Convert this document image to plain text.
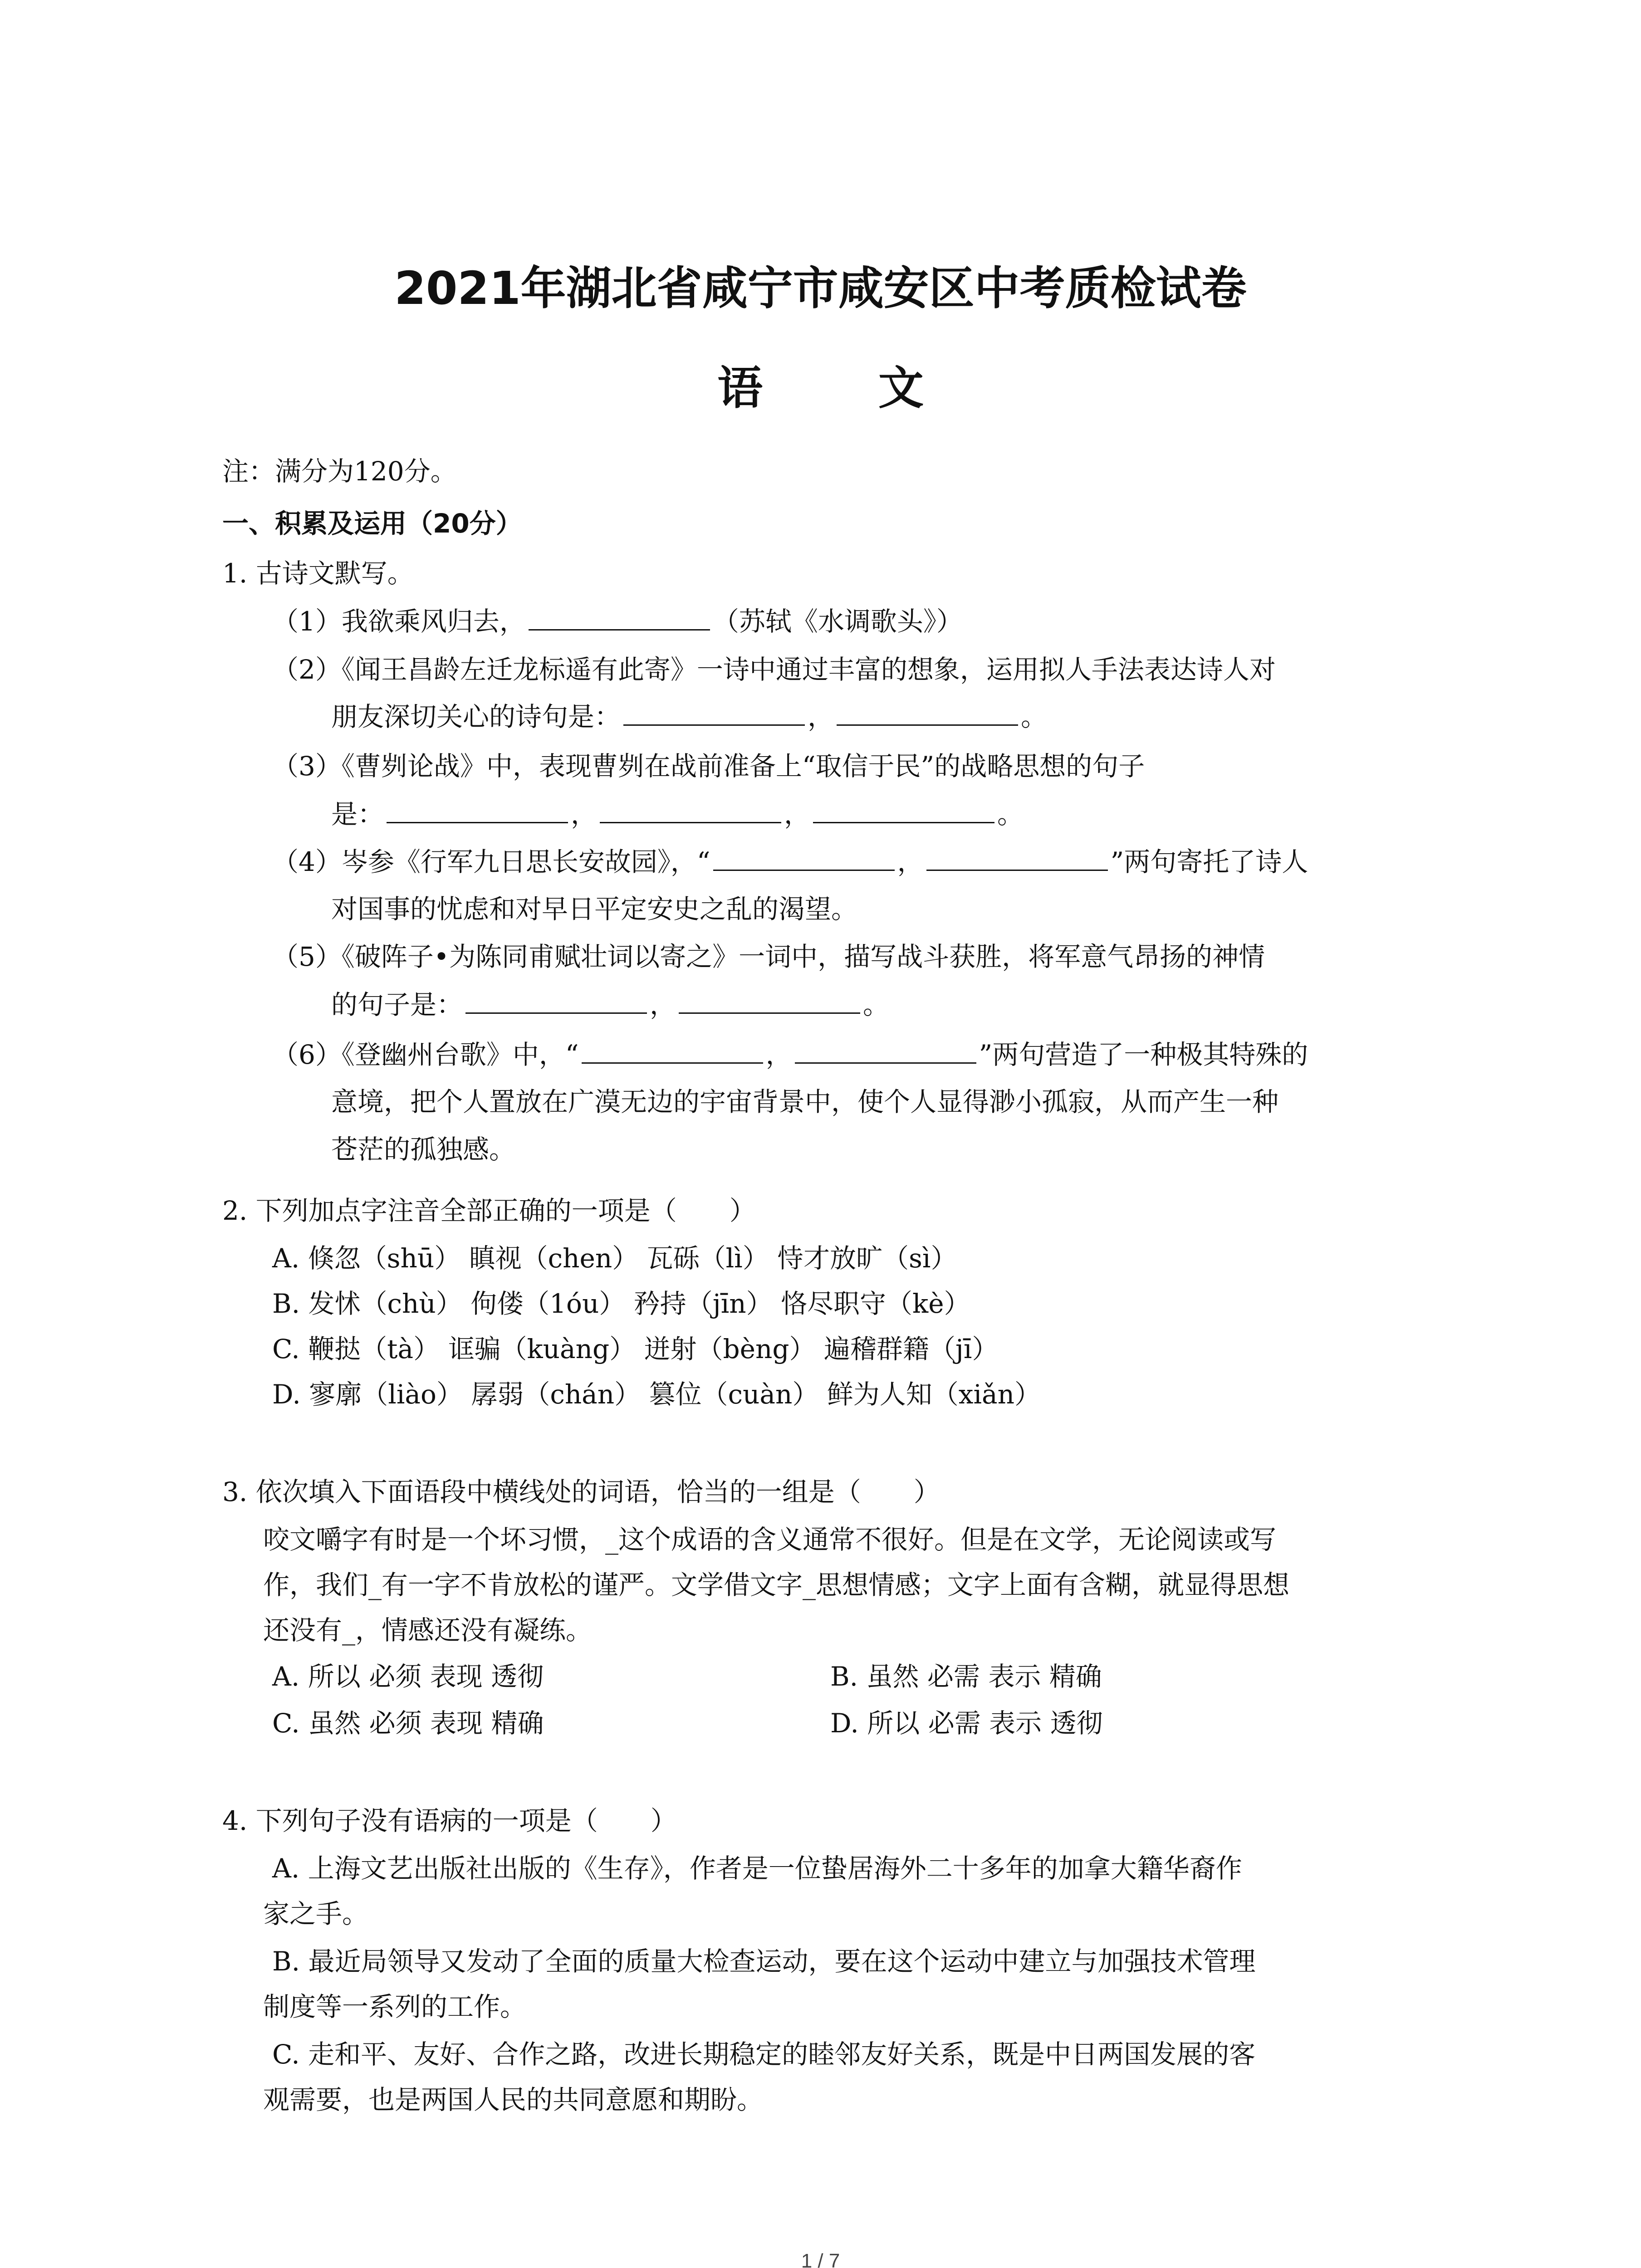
2021年湖北省咸宁市咸安区中考质检试卷
语 文
注：满分为120分。
一、积累及运用（20分）
1. 古诗文默写。
（1）我欲乘风归去，	（苏轼《水调歌头》）
（2）《闻王昌龄左迁龙标遥有此寄》一诗中通过丰富的想象，运用拟人手法表达诗人对
朋友深切关心的诗句是：	，	。
（3）《曹刿论战》中，表现曹刿在战前准备上“取信于民”的战略思想的句子
是：	，	，	。
（4）岑参《行军九日思长安故园》，“	，	”两句寄托了诗人
对国事的忧虑和对早日平定安史之乱的渴望。
（5）《破阵子•为陈同甫赋壮词以寄之》一词中，描写战斗获胜，将军意气昂扬的神情
的句子是：	，	。
（6）《登幽州台歌》中，“	，	”两句营造了一种极其特殊的
意境，把个人置放在广漠无边的宇宙背景中，使个人显得渺小孤寂，从而产生一种
苍茫的孤独感。
2. 下列加点字注音全部正确的一项是（　　）
A. 倏忽（shū） 瞋视（chen） 瓦砾（lì） 恃才放旷（sì）
B. 发怵（chù） 佝偻（1óu） 矜持（jīn） 恪尽职守（kè）
C. 鞭挞（tà） 诓骗（kuàng） 迸射（bèng） 遍稽群籍（jī）
D. 寥廓（liào） 孱弱（chán） 篡位（cuàn） 鲜为人知（xiǎn）
3. 依次填入下面语段中横线处的词语，恰当的一组是（　　）
咬文嚼字有时是一个坏习惯，_这个成语的含义通常不很好。但是在文学，无论阅读或写
作，我们_有一字不肯放松的谨严。文学借文字_思想情感；文字上面有含糊，就显得思想
还没有_，情感还没有凝练。
A. 所以 必须 表现 透彻	B. 虽然 必需 表示 精确
C. 虽然 必须 表现 精确	D. 所以 必需 表示 透彻
4. 下列句子没有语病的一项是（　　）
A. 上海文艺出版社出版的《生存》，作者是一位蛰居海外二十多年的加拿大籍华裔作
家之手。
B. 最近局领导又发动了全面的质量大检查运动，要在这个运动中建立与加强技术管理
制度等一系列的工作。
C. 走和平、友好、合作之路，改进长期稳定的睦邻友好关系，既是中日两国发展的客
观需要，也是两国人民的共同意愿和期盼。
1 / 7
